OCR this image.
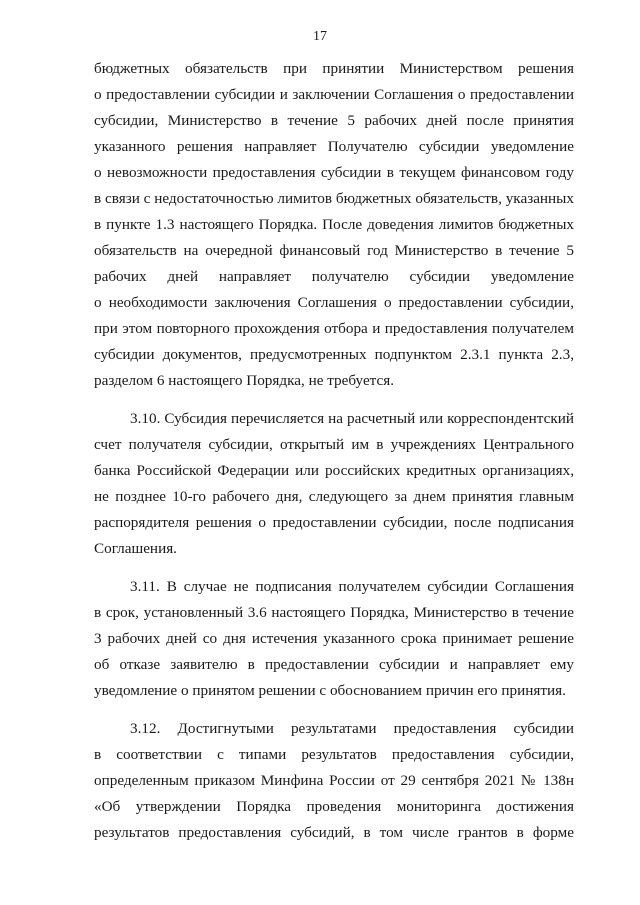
17
бюджетных обязательств при принятии Министерством решения
о предоставлении субсидии и заключении Соглашения о предоставлении
субсидии, Министерство в течение 5 рабочих дней после принятия
указанного решения направляет Получателю субсидии уведомление
о невозможности предоставления субсидии в текущем финансовом году
в связи с недостаточностью лимитов бюджетных обязательств, указанных
в пункте 1.3 настоящего Порядка. После доведения лимитов бюджетных
обязательств на очередной финансовый год Министерство в течение 5
рабочих дней направляет получателю субсидии уведомление
о необходимости заключения Соглашения о предоставлении субсидии,
при этом повторного прохождения отбора и предоставления получателем
субсидии документов, предусмотренных подпунктом 2.3.1 пункта 2.3,
разделом 6 настоящего Порядка, не требуется.
3.10. Субсидия перечисляется на расчетный или корреспондентский
счет получателя субсидии, открытый им в учреждениях Центрального
банка Российской Федерации или российских кредитных организациях,
не позднее 10-го рабочего дня, следующего за днем принятия главным
распорядителя решения о предоставлении субсидии, после подписания
Соглашения.
3.11. В случае не подписания получателем субсидии Соглашения
в срок, установленный 3.6 настоящего Порядка, Министерство в течение
3 рабочих дней со дня истечения указанного срока принимает решение
об отказе заявителю в предоставлении субсидии и направляет ему
уведомление о принятом решении с обоснованием причин его принятия.
3.12. Достигнутыми результатами предоставления субсидии
в соответствии с типами результатов предоставления субсидии,
определенным приказом Минфина России от 29 сентября 2021 № 138н
«Об утверждении Порядка проведения мониторинга достижения
результатов предоставления субсидий, в том числе грантов в форме
